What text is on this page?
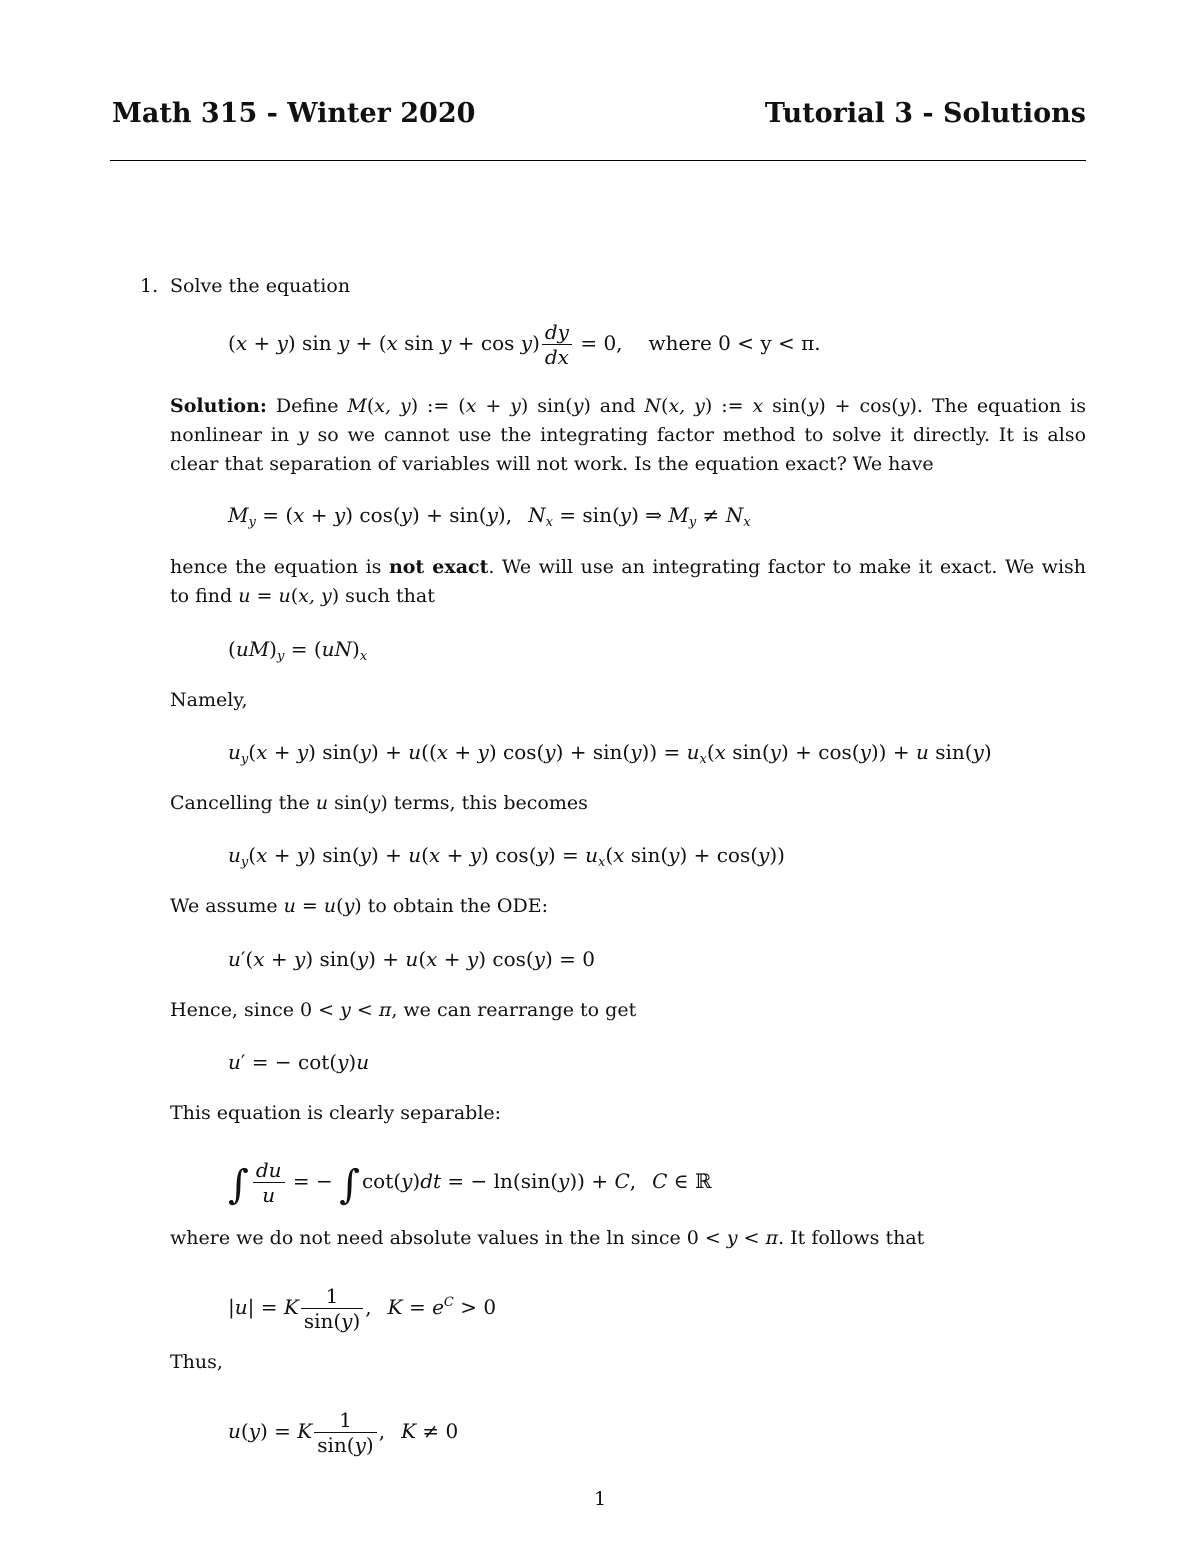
Math 315 - Winter 2020	Tutorial 3 - Solutions
1. Solve the equation
(x + y) sin y + (x $\sin y + \cos y) \frac{dy}{dx} = 0$, where 0 < y < π.
Solution: Define M(x, y) := (x + y) sin(y) and N(x, y) := x sin(y) + cos(y). The equation is nonlinear in y so we cannot use the integrating factor method to solve it directly. It is also clear that separation of variables will not work. Is the equation exact? We have
$M_y = (x + y) \cos(y) + \sin(y)$, $N_x = \sin(y)$ ⇒ $M_y \ne N_x$
hence the equation is not exact. We will use an integrating factor to make it exact. We wish to find u = u(x, y) such that
$(uM)_y = (uN)_x$
Namely,
$u_y(x + y) \sin(y) + u((x + y) \cos(y) + \sin(y)) = u_x(x$ sin(y) + cos(y)) + u sin(y)
Cancelling the u sin(y) terms, this becomes
$u_y(x + y) \sin(y) + u(x + y) \cos(y) = u_x(x$ sin(y) + cos(y))
We assume u = u(y) to obtain the ODE:
u′(x + y) sin(y) + u(x + y) cos(y) = 0
Hence, since 0 < y < π, we can rearrange to get
u′ = − cot(y)u
This equation is clearly separable:
∫ $\frac{du}{u}$ = − ∫ cot(y)dt = − ln(sin(y)) + C, C ∈ ℝ
where we do not need absolute values in the ln since 0 < y < π. It follows that
|u| = K $\frac{1}{\sin(y)}$ , $K = e^C > 0$
Thus,
u(y) = K $\frac{1}{\sin(y)}$ , K ≠ 0
1
